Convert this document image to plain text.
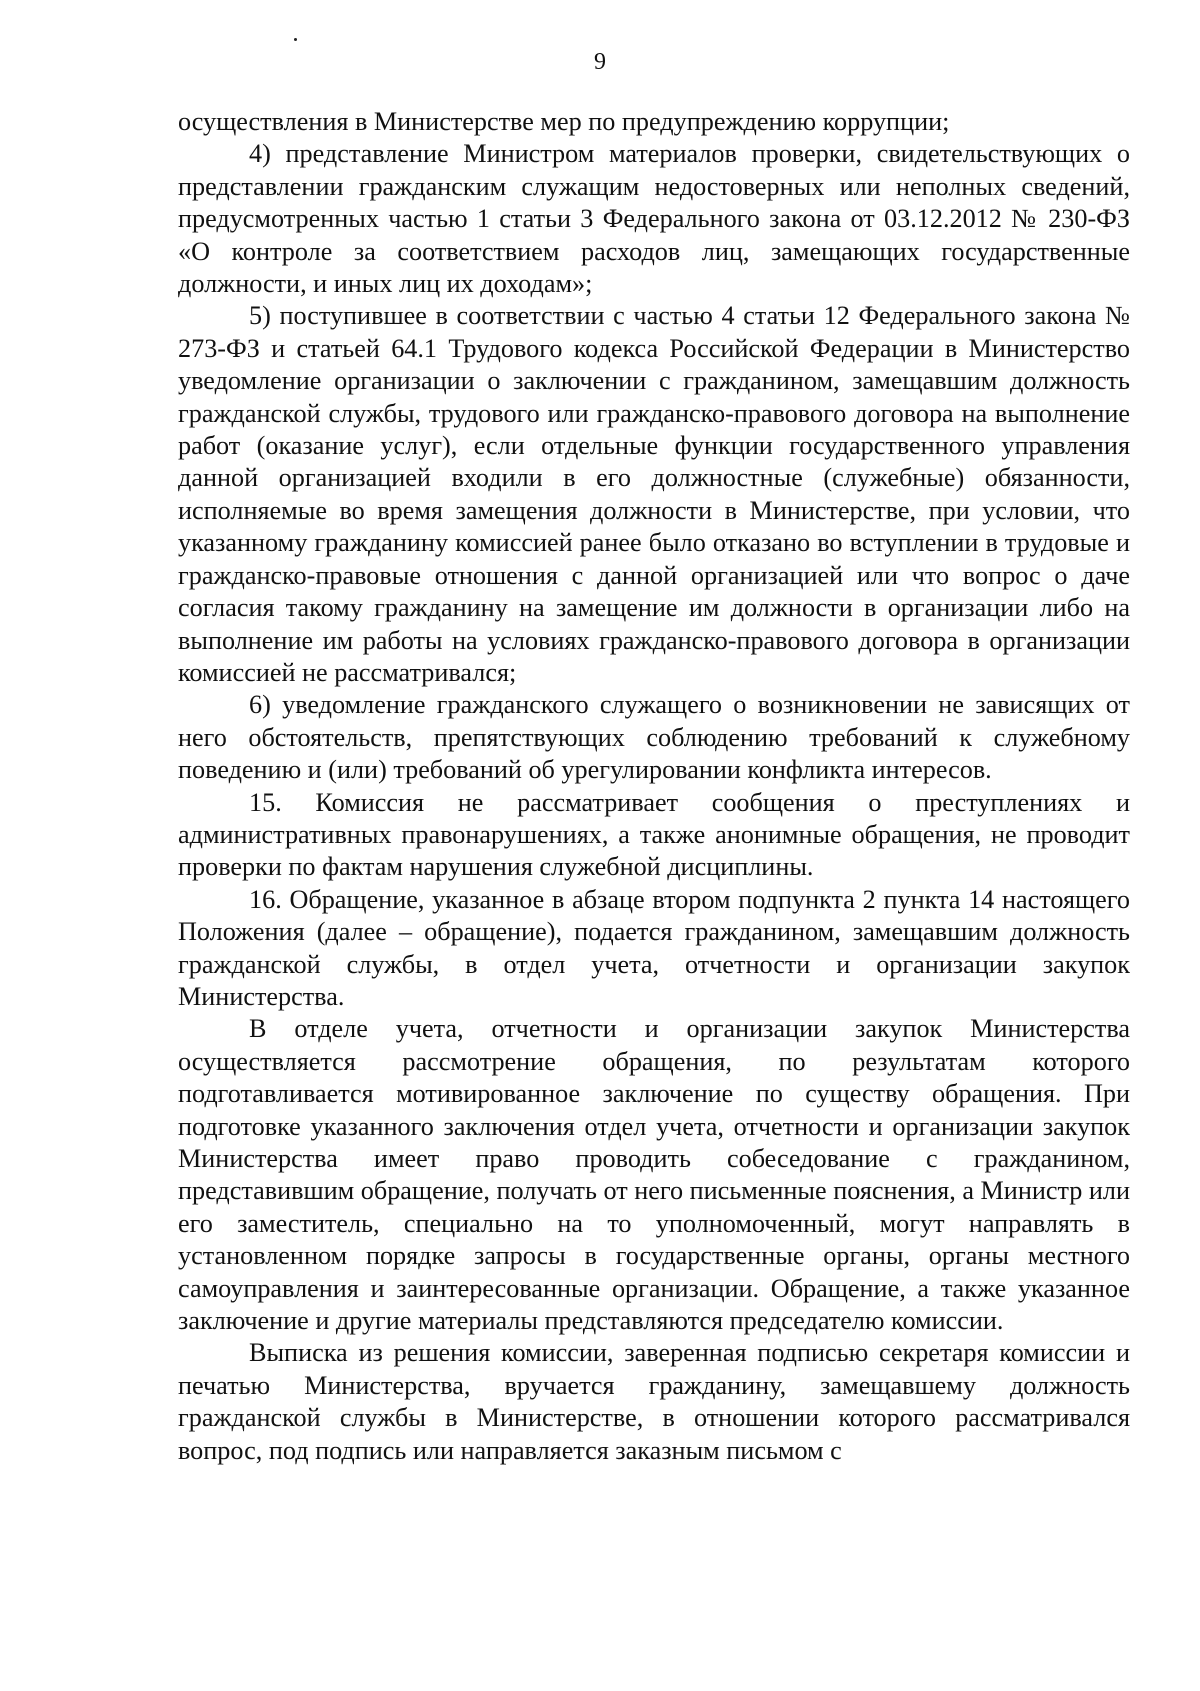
9

осуществления в Министерстве мер по предупреждению коррупции;

4) представление Министром материалов проверки, свидетельствующих о представлении гражданским служащим недостоверных или неполных сведений, предусмотренных частью 1 статьи 3 Федерального закона от 03.12.2012 № 230-ФЗ «О контроле за соответствием расходов лиц, замещающих государственные должности, и иных лиц их доходам»;

5) поступившее в соответствии с частью 4 статьи 12 Федерального закона № 273-ФЗ и статьей 64.1 Трудового кодекса Российской Федерации в Министерство уведомление организации о заключении с гражданином, замещавшим должность гражданской службы, трудового или гражданско-правового договора на выполнение работ (оказание услуг), если отдельные функции государственного управления данной организацией входили в его должностные (служебные) обязанности, исполняемые во время замещения должности в Министерстве, при условии, что указанному гражданину комиссией ранее было отказано во вступлении в трудовые и гражданско-правовые отношения с данной организацией или что вопрос о даче согласия такому гражданину на замещение им должности в организации либо на выполнение им работы на условиях гражданско-правового договора в организации комиссией не рассматривался;

6) уведомление гражданского служащего о возникновении не зависящих от него обстоятельств, препятствующих соблюдению требований к служебному поведению и (или) требований об урегулировании конфликта интересов.

15. Комиссия не рассматривает сообщения о преступлениях и административных правонарушениях, а также анонимные обращения, не проводит проверки по фактам нарушения служебной дисциплины.

16. Обращение, указанное в абзаце втором подпункта 2 пункта 14 настоящего Положения (далее – обращение), подается гражданином, замещавшим должность гражданской службы, в отдел учета, отчетности и организации закупок Министерства.

В отделе учета, отчетности и организации закупок Министерства осуществляется рассмотрение обращения, по результатам которого подготавливается мотивированное заключение по существу обращения. При подготовке указанного заключения отдел учета, отчетности и организации закупок Министерства имеет право проводить собеседование с гражданином, представившим обращение, получать от него письменные пояснения, а Министр или его заместитель, специально на то уполномоченный, могут направлять в установленном порядке запросы в государственные органы, органы местного самоуправления и заинтересованные организации. Обращение, а также указанное заключение и другие материалы представляются председателю комиссии.

Выписка из решения комиссии, заверенная подписью секретаря комиссии и печатью Министерства, вручается гражданину, замещавшему должность гражданской службы в Министерстве, в отношении которого рассматривался вопрос, под подпись или направляется заказным письмом с
